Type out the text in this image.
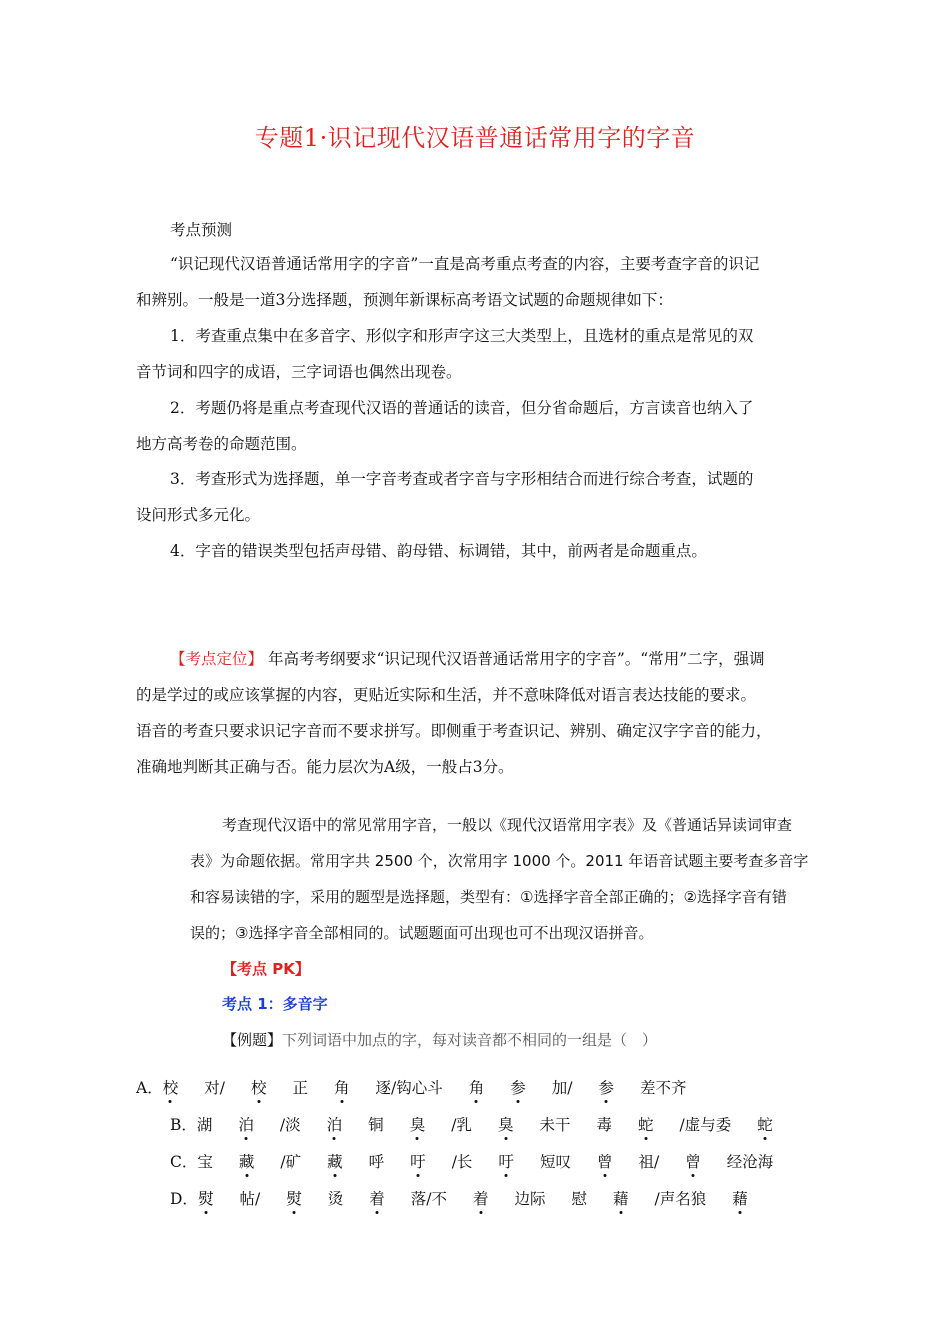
专题1·识记现代汉语普通话常用字的字音
考点预测
“识记现代汉语普通话常用字的字音”一直是高考重点考查的内容，主要考查字音的识记
和辨别。一般是一道3分选择题，预测年新课标高考语文试题的命题规律如下：
1．考查重点集中在多音字、形似字和形声字这三大类型上，且选材的重点是常见的双
音节词和四字的成语，三字词语也偶然出现卷。
2．考题仍将是重点考查现代汉语的普通话的读音，但分省命题后，方言读音也纳入了
地方高考卷的命题范围。
3．考查形式为选择题，单一字音考查或者字音与字形相结合而进行综合考查，试题的
设问形式多元化。
4．字音的错误类型包括声母错、韵母错、标调错，其中，前两者是命题重点。
【考点定位】 年高考考纲要求“识记现代汉语普通话常用字的字音”。“常用”二字，强调
的是学过的或应该掌握的内容，更贴近实际和生活，并不意味降低对语言表达技能的要求。
语音的考查只要求识记字音而不要求拼写。即侧重于考查识记、辨别、确定汉字字音的能力，
准确地判断其正确与否。能力层次为A级，一般占3分。
考查现代汉语中的常见常用字音，一般以《现代汉语常用字表》及《普通话异读词审查
表》为命题依据。常用字共 2500 个，次常用字 1000 个。2011 年语音试题主要考查多音字
和容易读错的字，采用的题型是选择题，类型有：①选择字音全部正确的；②选择字音有错
误的；③选择字音全部相同的。试题题面可出现也可不出现汉语拼音。
【考点 PK】
考点 1：多音字
【例题】下列词语中加点的字，每对读音都不相同的一组是（　）
A．校 对/ 校 正 角 逐/钩心斗 角 参 加/ 参 差不齐
B．湖 泊 /淡 泊 铜 臭 /乳 臭 未干 毒 蛇 /虚与委 蛇
C．宝 藏 /矿 藏 呼 吁 /长 吁 短叹 曾 祖/ 曾 经沧海
D．熨 帖/ 熨 烫 着 落/不 着 边际 慰 藉 /声名狼 藉
